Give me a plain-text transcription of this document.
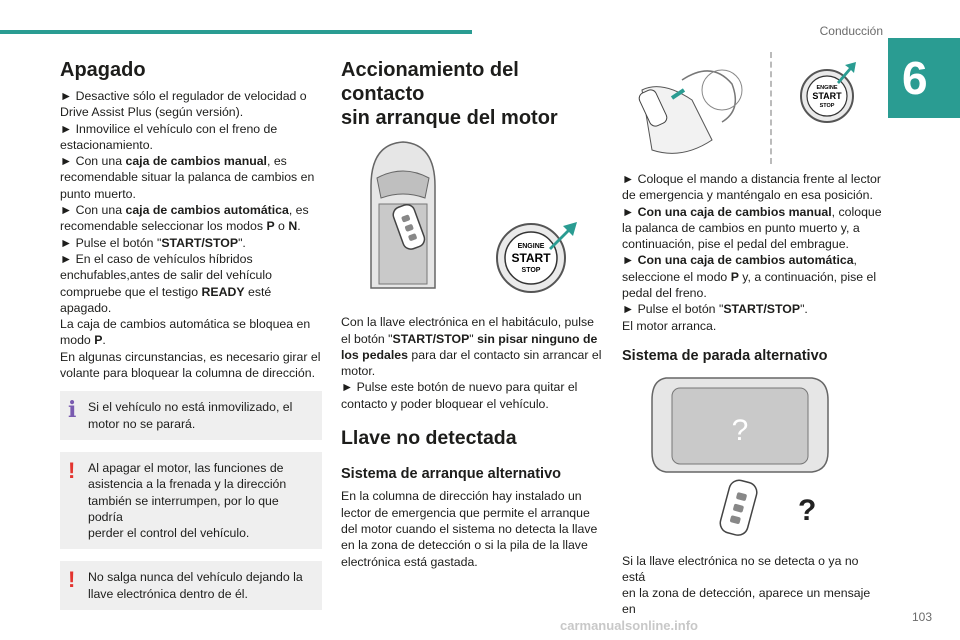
Conducción
6
Apagado

► Desactive sólo el regulador de velocidad o

Drive Assist Plus (según versión).

► Inmovilice el vehículo con el freno de

estacionamiento.

► Con una caja de cambios manual, es

recomendable situar la palanca de cambios en

punto muerto.

► Con una caja de cambios automática, es

recomendable seleccionar los modos P o N.

► Pulse el botón "START/STOP".

► En el caso de vehículos híbridos

enchufables,antes de salir del vehículo

compruebe que el testigo READY esté apagado.

La caja de cambios automática se bloquea en

modo P.

En algunas circunstancias, es necesario girar el

volante para bloquear la columna de dirección.

i Si el vehículo no está inmovilizado, el
motor no se parará.
! Al apagar el motor, las funciones de
asistencia a la frenada y la dirección
también se interrumpen, por lo que podría
perder el control del vehículo.
! No salga nunca del vehículo dejando la
llave electrónica dentro de él.
Accionamiento del contacto
sin arranque del motor
ENGINE
START
STOP

Con la llave electrónica en el habitáculo, pulse

el botón "START/STOP" sin pisar ninguno de

los pedales para dar el contacto sin arrancar el

motor.

► Pulse este botón de nuevo para quitar el

contacto y poder bloquear el vehículo.

Llave no detectada
Sistema de arranque alternativo

En la columna de dirección hay instalado un

lector de emergencia que permite el arranque

del motor cuando el sistema no detecta la llave

en la zona de detección o si la pila de la llave

electrónica está gastada.

ENGINE
START
STOP

► Coloque el mando a distancia frente al lector

de emergencia y manténgalo en esa posición.

► Con una caja de cambios manual, coloque

la palanca de cambios en punto muerto y, a

continuación, pise el pedal del embrague.

► Con una caja de cambios automática,

seleccione el modo P y, a continuación, pise el

pedal del freno.

► Pulse el botón "START/STOP".

El motor arranca.

Sistema de parada alternativo
?
?

Si la llave electrónica no se detecta o ya no está

en la zona de detección, aparece un mensaje en

103
carmanualsonline.info
